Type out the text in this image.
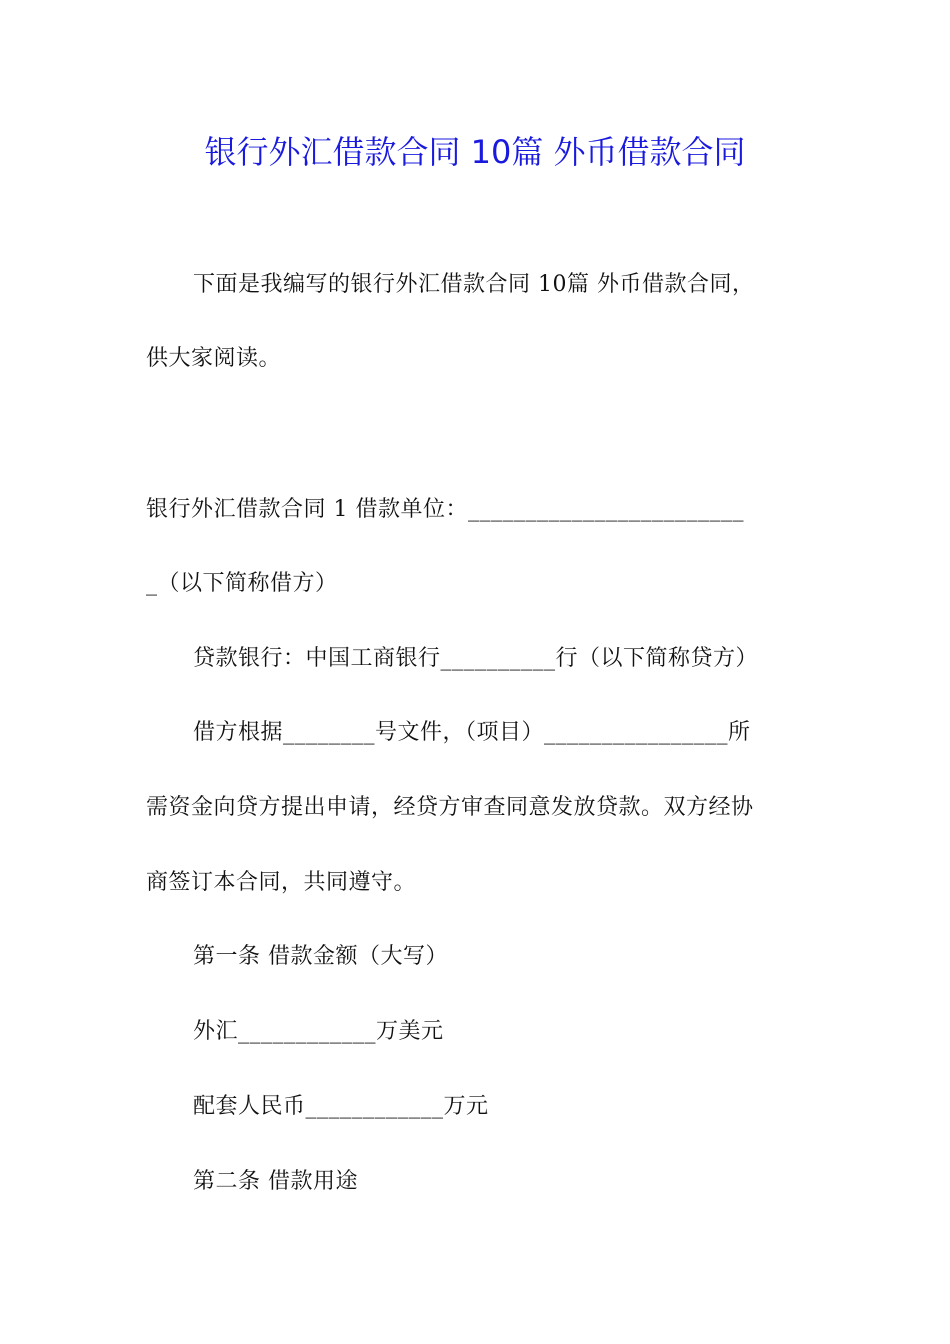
银行外汇借款合同 10篇 外币借款合同
下面是我编写的银行外汇借款合同 10篇 外币借款合同，
供大家阅读。
银行外汇借款合同 1 借款单位：________________________
_（以下简称借方）
贷款银行：中国工商银行__________行（以下简称贷方）
借方根据________号文件，（项目）________________所
需资金向贷方提出申请，经贷方审查同意发放贷款。双方经协
商签订本合同，共同遵守。
第一条 借款金额（大写）
外汇____________万美元
配套人民币____________万元
第二条 借款用途
